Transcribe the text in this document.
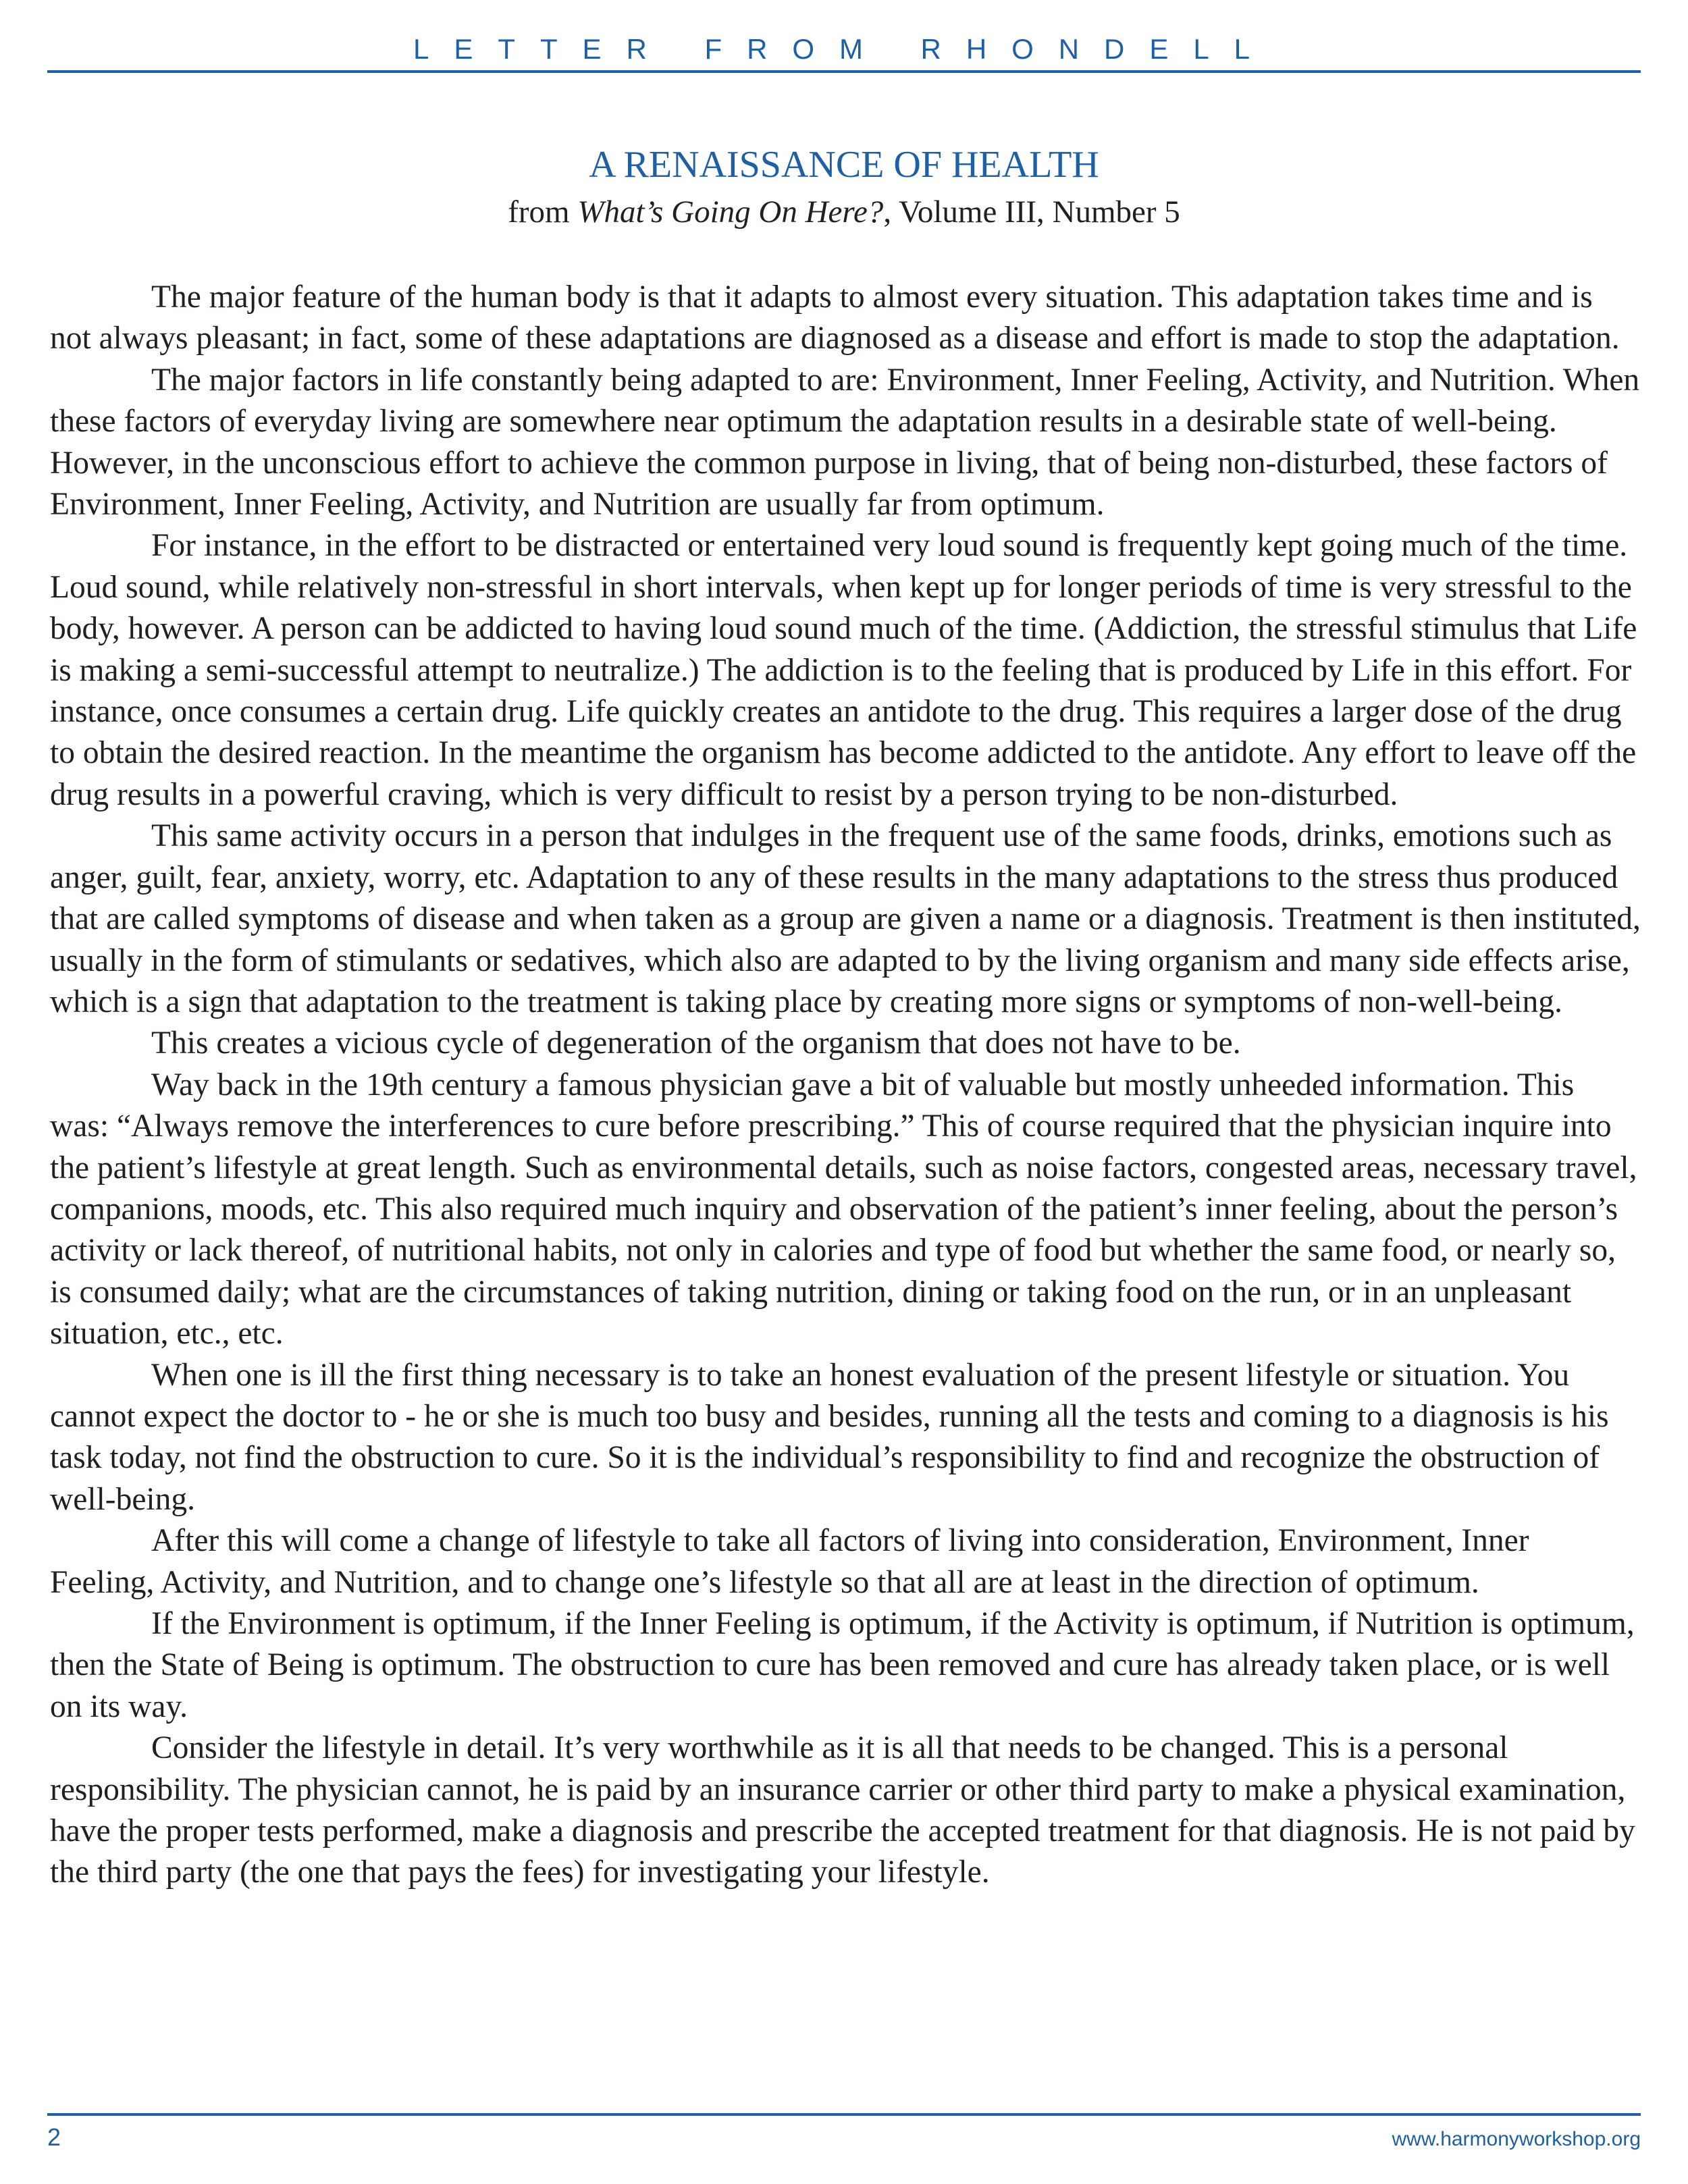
LETTER FROM RHONDELL
A RENAISSANCE OF HEALTH
from What’s Going On Here?, Volume III, Number 5

The major feature of the human body is that it adapts to almost every situation. This adaptation takes time and is not always pleasant; in fact, some of these adaptations are diagnosed as a disease and effort is made to stop the adaptation.

The major factors in life constantly being adapted to are: Environment, Inner Feeling, Activity, and Nutrition. When these factors of everyday living are somewhere near optimum the adaptation results in a desirable state of well-being. However, in the unconscious effort to achieve the common purpose in living, that of being non-disturbed, these factors of Environment, Inner Feeling, Activity, and Nutrition are usually far from optimum.

For instance, in the effort to be distracted or entertained very loud sound is frequently kept going much of the time. Loud sound, while relatively non-stressful in short intervals, when kept up for longer periods of time is very stressful to the body, however. A person can be addicted to having loud sound much of the time. (Addiction, the stressful stimulus that Life is making a semi-successful attempt to neutralize.) The addiction is to the feeling that is produced by Life in this effort. For instance, once consumes a certain drug. Life quickly creates an antidote to the drug. This requires a larger dose of the drug to obtain the desired reaction. In the meantime the organism has become addicted to the antidote. Any effort to leave off the drug results in a powerful craving, which is very difficult to resist by a person trying to be non-disturbed.

This same activity occurs in a person that indulges in the frequent use of the same foods, drinks, emotions such as anger, guilt, fear, anxiety, worry, etc. Adaptation to any of these results in the many adaptations to the stress thus produced that are called symptoms of disease and when taken as a group are given a name or a diagnosis. Treatment is then instituted, usually in the form of stimulants or sedatives, which also are adapted to by the living organism and many side effects arise, which is a sign that adaptation to the treatment is taking place by creating more signs or symptoms of non-well-being.

This creates a vicious cycle of degeneration of the organism that does not have to be.

Way back in the 19th century a famous physician gave a bit of valuable but mostly unheeded information. This was: “Always remove the interferences to cure before prescribing.” This of course required that the physician inquire into the patient’s lifestyle at great length. Such as environmental details, such as noise factors, congested areas, necessary travel, companions, moods, etc. This also required much inquiry and observation of the patient’s inner feeling, about the person’s activity or lack thereof, of nutritional habits, not only in calories and type of food but whether the same food, or nearly so, is consumed daily; what are the circumstances of taking nutrition, dining or taking food on the run, or in an unpleasant situation, etc., etc.

When one is ill the first thing necessary is to take an honest evaluation of the present lifestyle or situation. You cannot expect the doctor to - he or she is much too busy and besides, running all the tests and coming to a diagnosis is his task today, not find the obstruction to cure. So it is the individual’s responsibility to find and recognize the obstruction of well-being.

After this will come a change of lifestyle to take all factors of living into consideration, Environment, Inner Feeling, Activity, and Nutrition, and to change one’s lifestyle so that all are at least in the direction of optimum.

If the Environment is optimum, if the Inner Feeling is optimum, if the Activity is optimum, if Nutrition is optimum, then the State of Being is optimum. The obstruction to cure has been removed and cure has already taken place, or is well on its way.

Consider the lifestyle in detail. It’s very worthwhile as it is all that needs to be changed. This is a personal responsibility. The physician cannot, he is paid by an insurance carrier or other third party to make a physical examination, have the proper tests performed, make a diagnosis and prescribe the accepted treatment for that diagnosis. He is not paid by the third party (the one that pays the fees) for investigating your lifestyle.

2	www.harmonyworkshop.org
